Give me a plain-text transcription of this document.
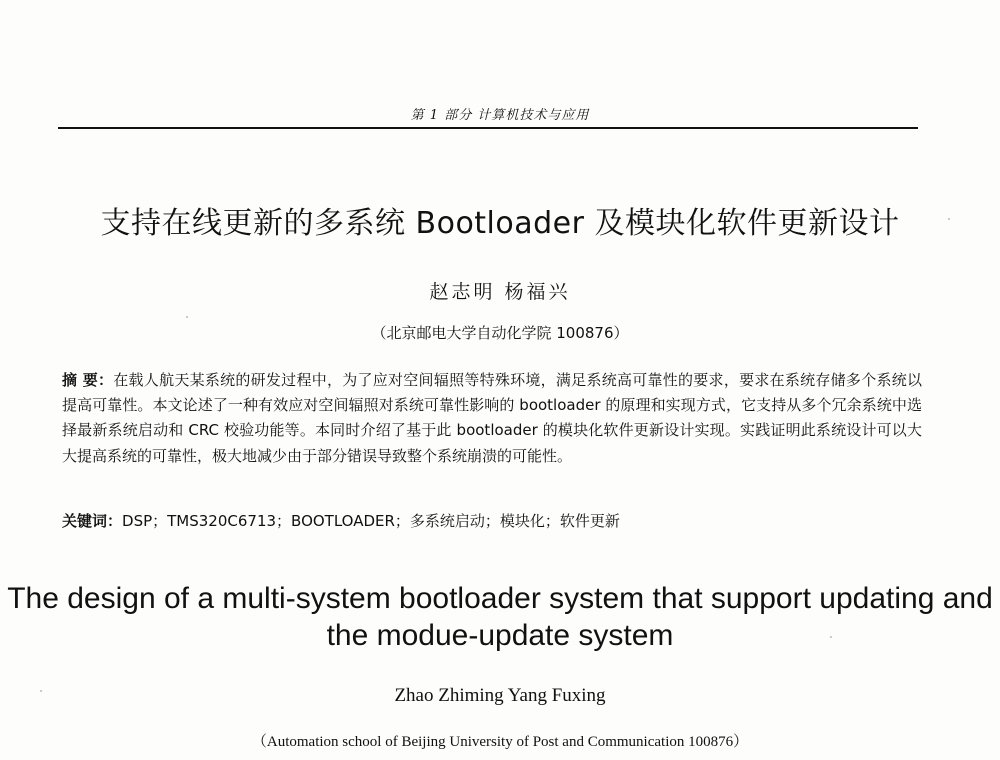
第 1 部分 计算机技术与应用
支持在线更新的多系统 Bootloader 及模块化软件更新设计
赵志明 杨福兴
（北京邮电大学自动化学院 100876）
摘 要：在载人航天某系统的研发过程中，为了应对空间辐照等特殊环境，满足系统高可靠性的要求，要求在系统存储多个系统以提高可靠性。本文论述了一种有效应对空间辐照对系统可靠性影响的 bootloader 的原理和实现方式，它支持从多个冗余系统中选择最新系统启动和 CRC 校验功能等。本同时介绍了基于此 bootloader 的模块化软件更新设计实现。实践证明此系统设计可以大大提高系统的可靠性，极大地减少由于部分错误导致整个系统崩溃的可能性。
关键词：DSP；TMS320C6713；BOOTLOADER；多系统启动；模块化；软件更新
The design of a multi-system bootloader system that support updating and the modue-update system
Zhao Zhiming Yang Fuxing
（Automation school of Beijing University of Post and Communication 100876）
